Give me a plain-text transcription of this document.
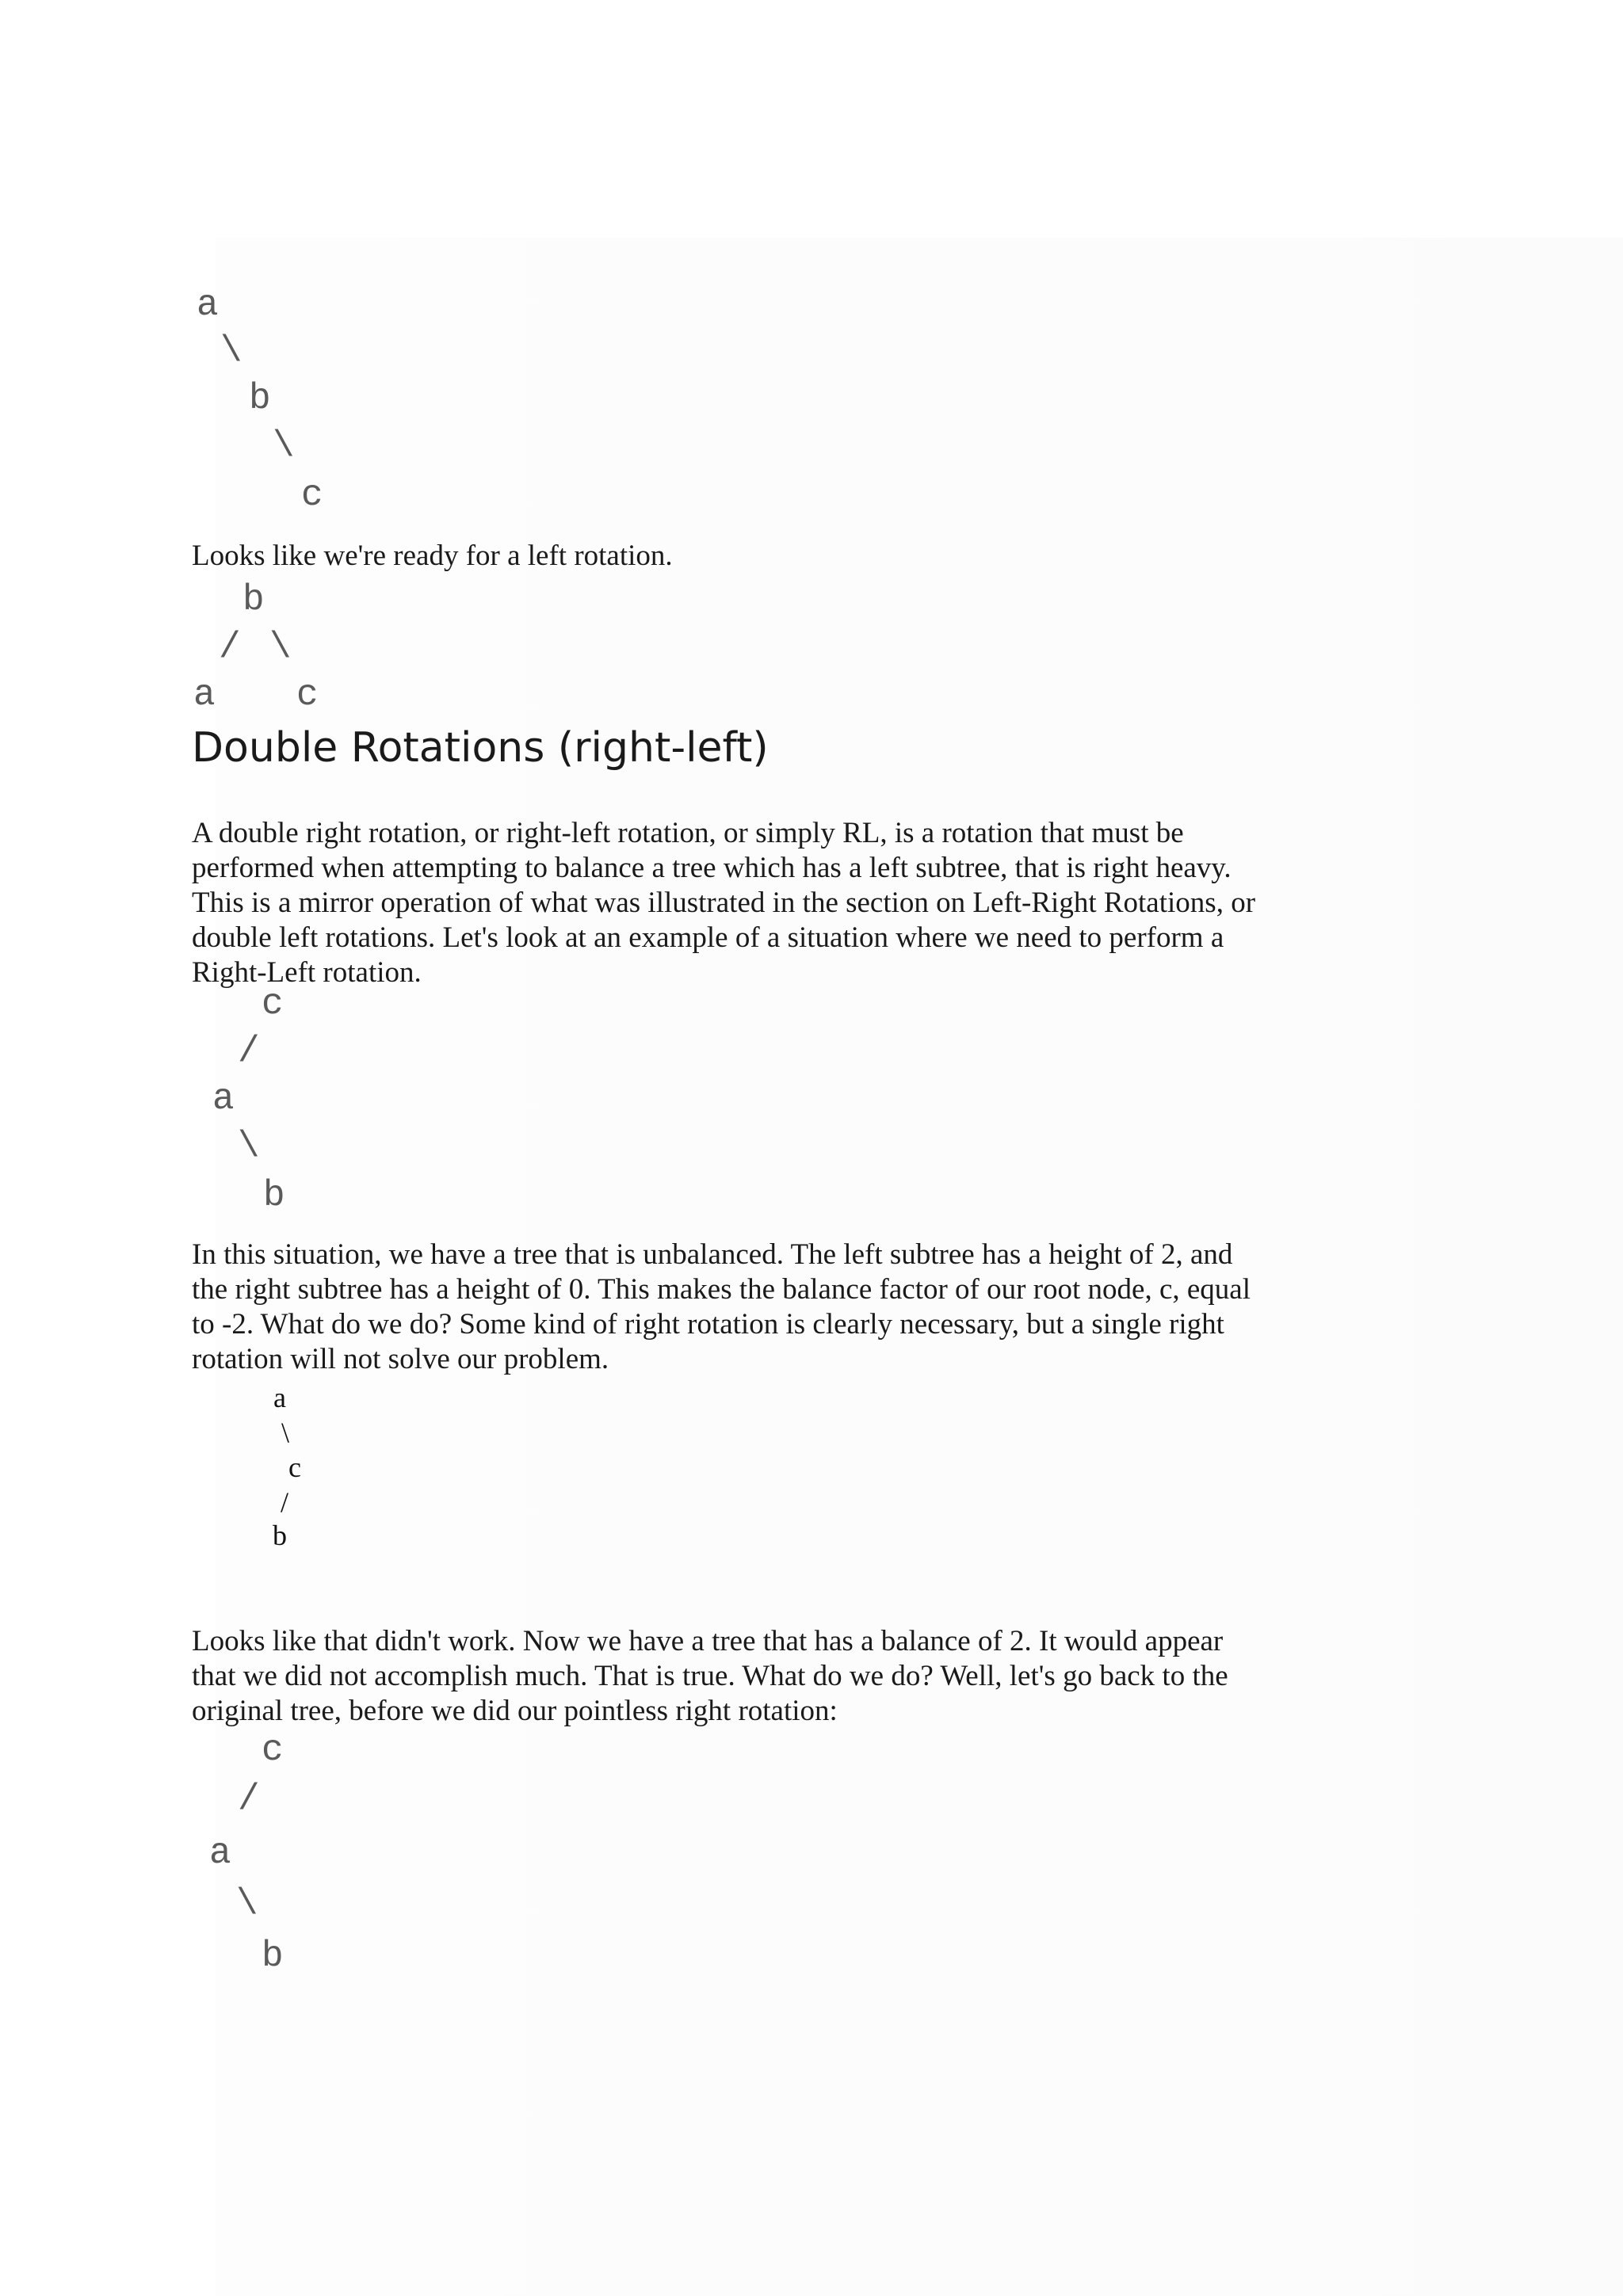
a
\
b
\
c
Looks like we're ready for a left rotation.
b
/ \
a c
Double Rotations (right-left)
A double right rotation, or right-left rotation, or simply RL, is a rotation that must be
performed when attempting to balance a tree which has a left subtree, that is right heavy.
This is a mirror operation of what was illustrated in the section on Left-Right Rotations, or
double left rotations. Let's look at an example of a situation where we need to perform a
Right-Left rotation.
c
/
a
\
b
In this situation, we have a tree that is unbalanced. The left subtree has a height of 2, and
the right subtree has a height of 0. This makes the balance factor of our root node, c, equal
to -2. What do we do? Some kind of right rotation is clearly necessary, but a single right
rotation will not solve our problem.
a
\
c
/
b
Looks like that didn't work. Now we have a tree that has a balance of 2. It would appear
that we did not accomplish much. That is true. What do we do? Well, let's go back to the
original tree, before we did our pointless right rotation:
c
/
a
\
b
